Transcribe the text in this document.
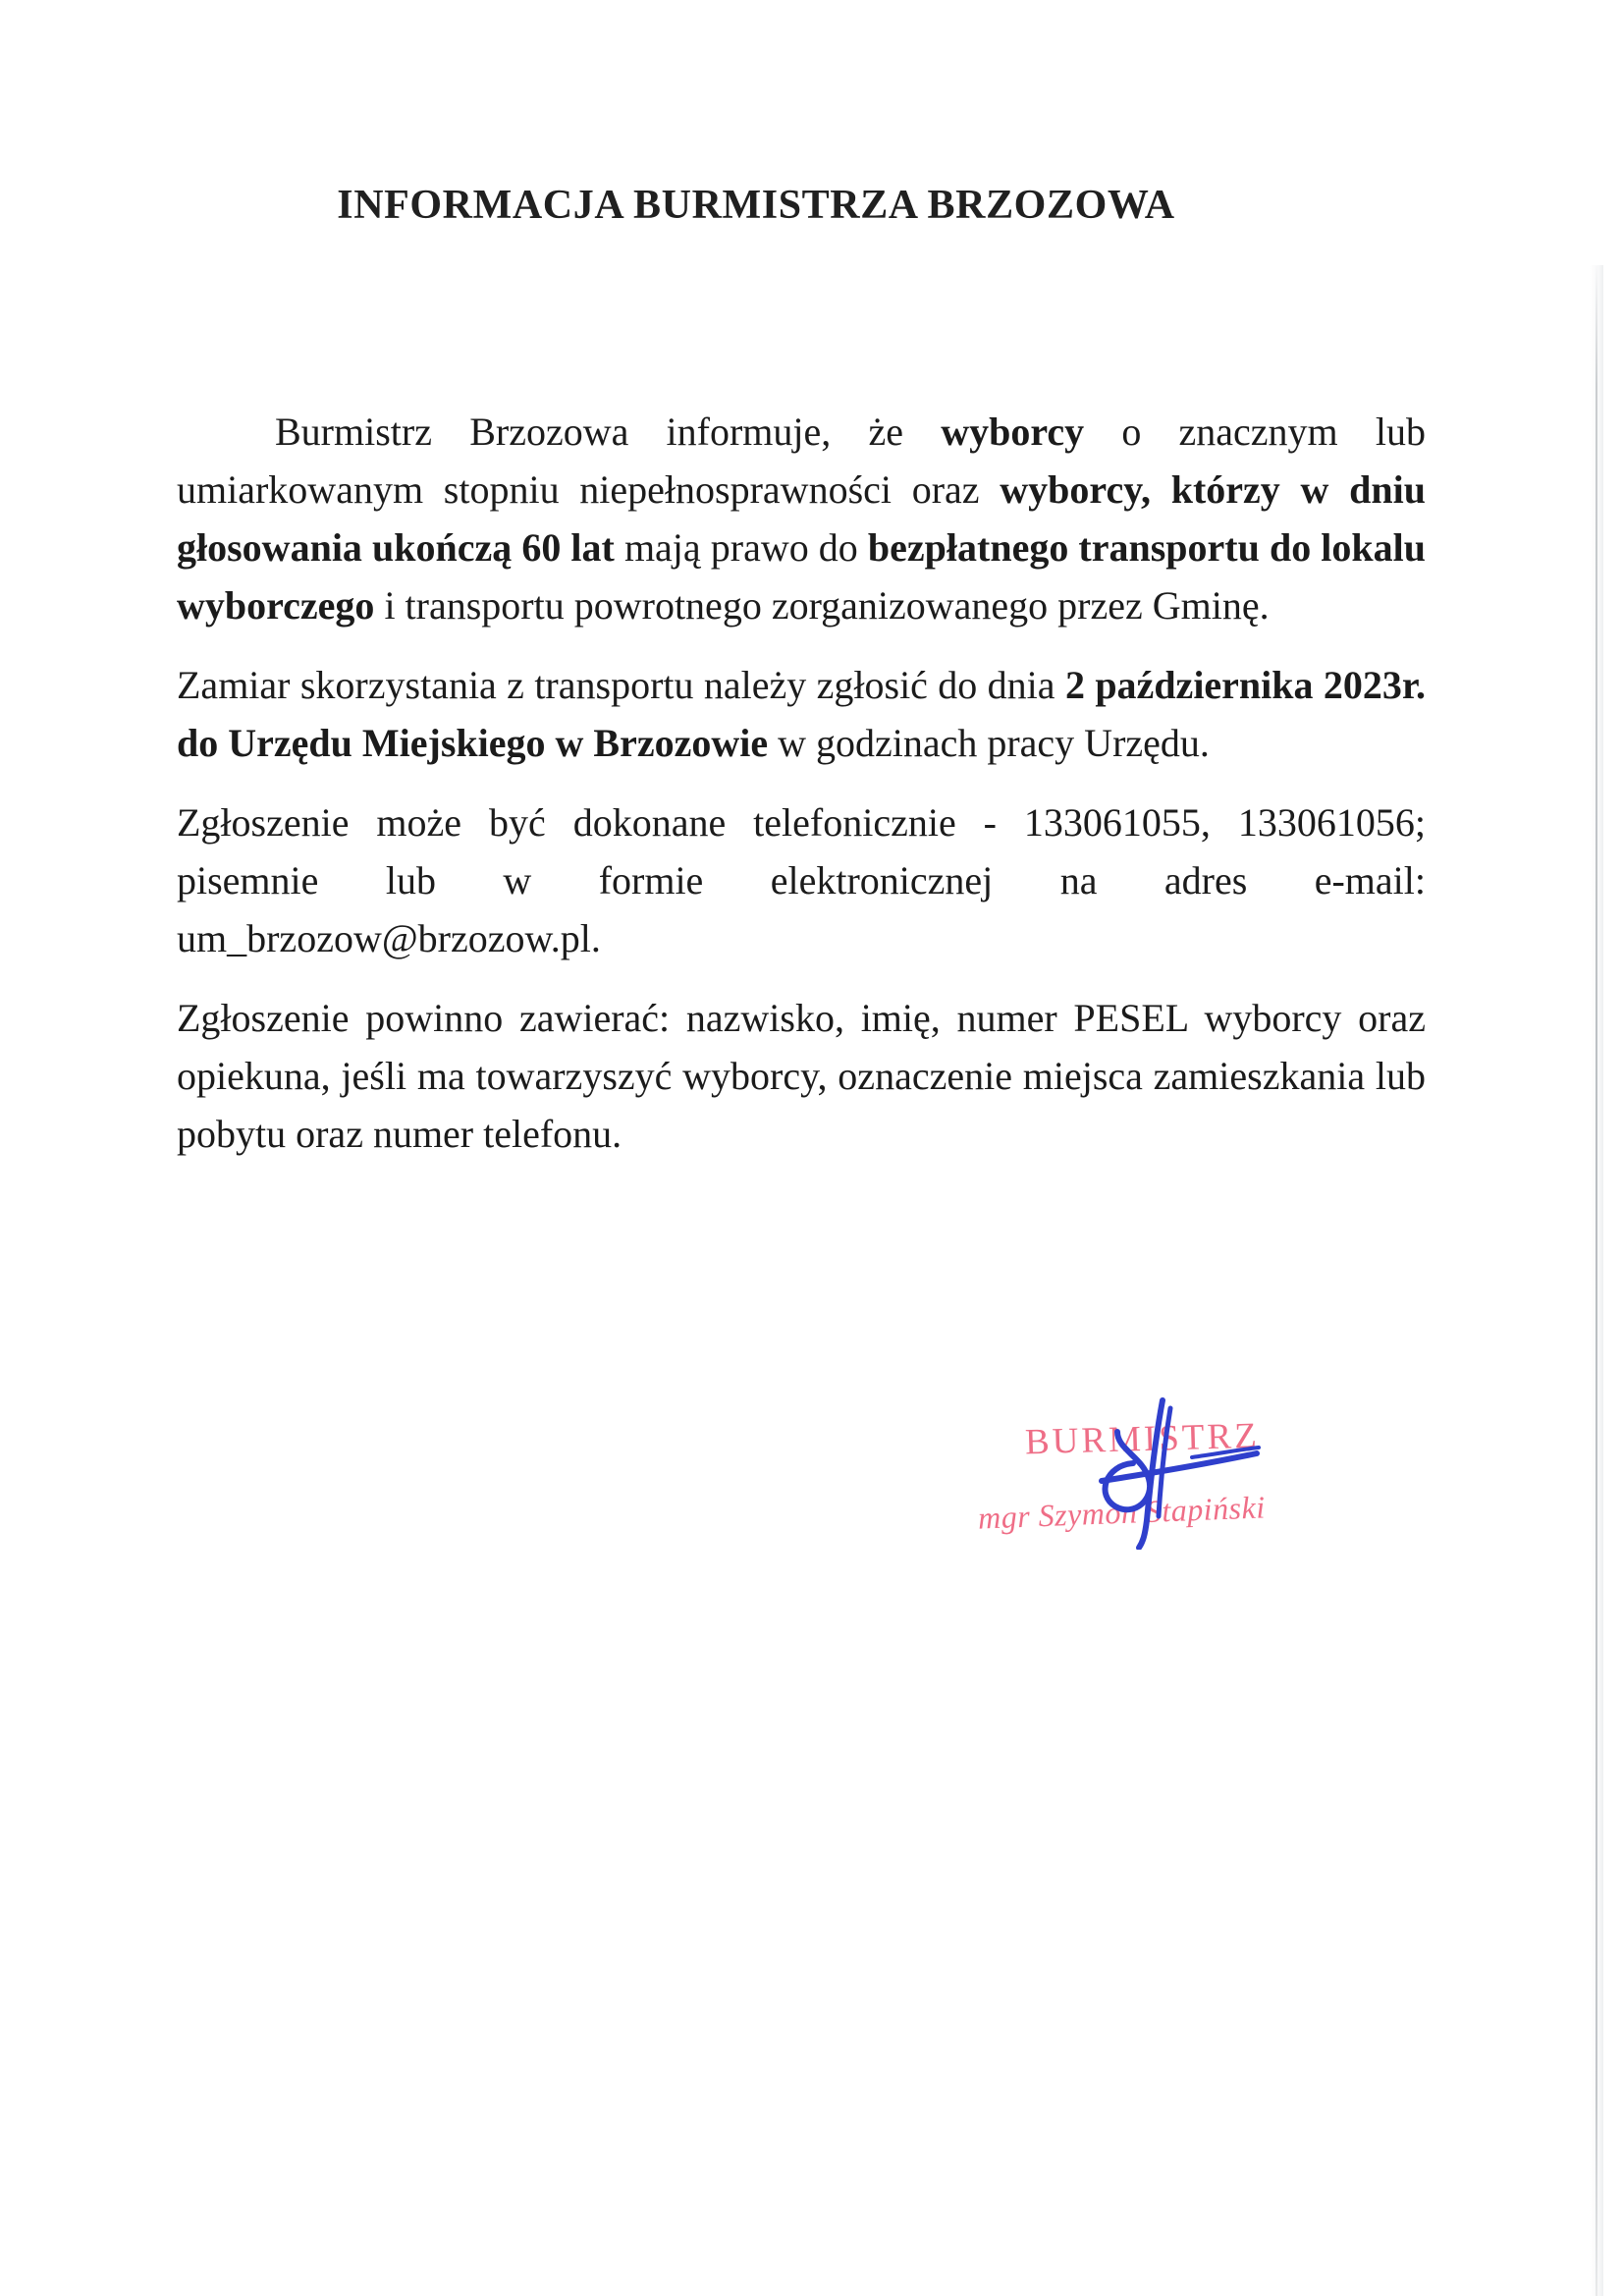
INFORMACJA BURMISTRZA BRZOZOWA

Burmistrz Brzozowa informuje, że wyborcy o znacznym lub umiarkowanym stopniu niepełnosprawności oraz wyborcy, którzy w dniu głosowania ukończą 60 lat mają prawo do bezpłatnego transportu do lokalu wyborczego i transportu powrotnego zorganizowanego przez Gminę.

Zamiar skorzystania z transportu należy zgłosić do dnia 2 października 2023r. do Urzędu Miejskiego w Brzozowie w godzinach pracy Urzędu.

Zgłoszenie może być dokonane telefonicznie - 133061055, 133061056; pisemnie lub w formie elektronicznej na adres e-mail: um_brzozow@brzozow.pl.

Zgłoszenie powinno zawierać: nazwisko, imię, numer PESEL wyborcy oraz opiekuna, jeśli ma towarzyszyć wyborcy, oznaczenie miejsca zamieszkania lub pobytu oraz numer telefonu.

BURMISTRZ
mgr Szymon Stapiński
